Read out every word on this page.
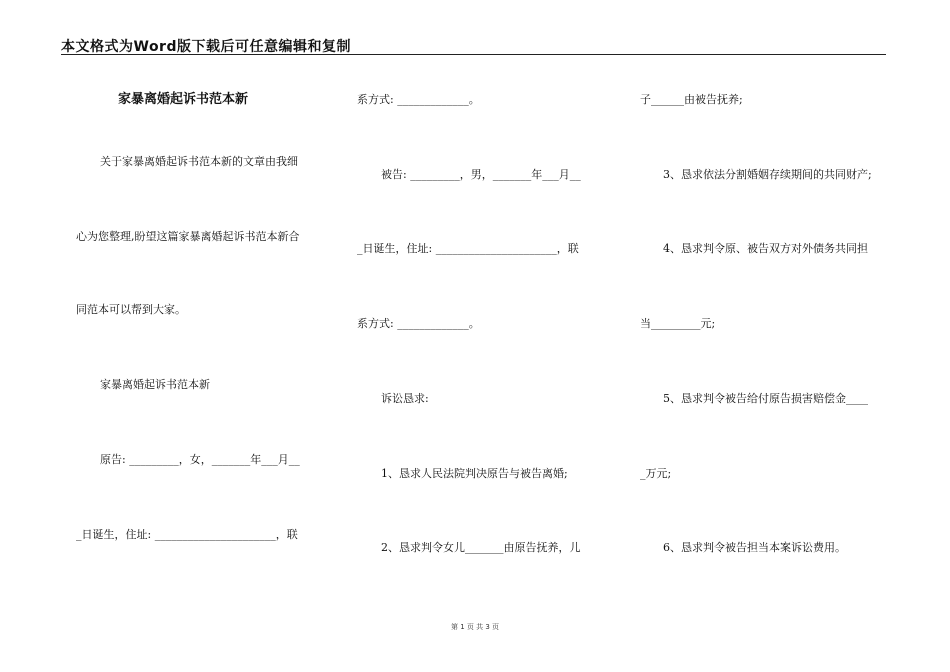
本文格式为Word版下载后可任意编辑和复制
家暴离婚起诉书范本新
关于家暴离婚起诉书范本新的文章由我细
心为您整理,盼望这篇家暴离婚起诉书范本新合
同范本可以帮到大家。
家暴离婚起诉书范本新
原告: _________，女，_______年___月__
_日诞生，住址: ______________________，联
系方式: _____________。
被告: _________，男，_______年___月__
_日诞生，住址: ______________________，联
系方式: _____________。
诉讼恳求:
1、恳求人民法院判决原告与被告离婚;
2、恳求判令女儿_______由原告抚养，儿
子______由被告抚养;
3、恳求依法分割婚姻存续期间的共同财产;
4、恳求判令原、被告双方对外债务共同担
当_________元;
5、恳求判令被告给付原告损害赔偿金____
_万元;
6、恳求判令被告担当本案诉讼费用。
第 1 页 共 3 页
